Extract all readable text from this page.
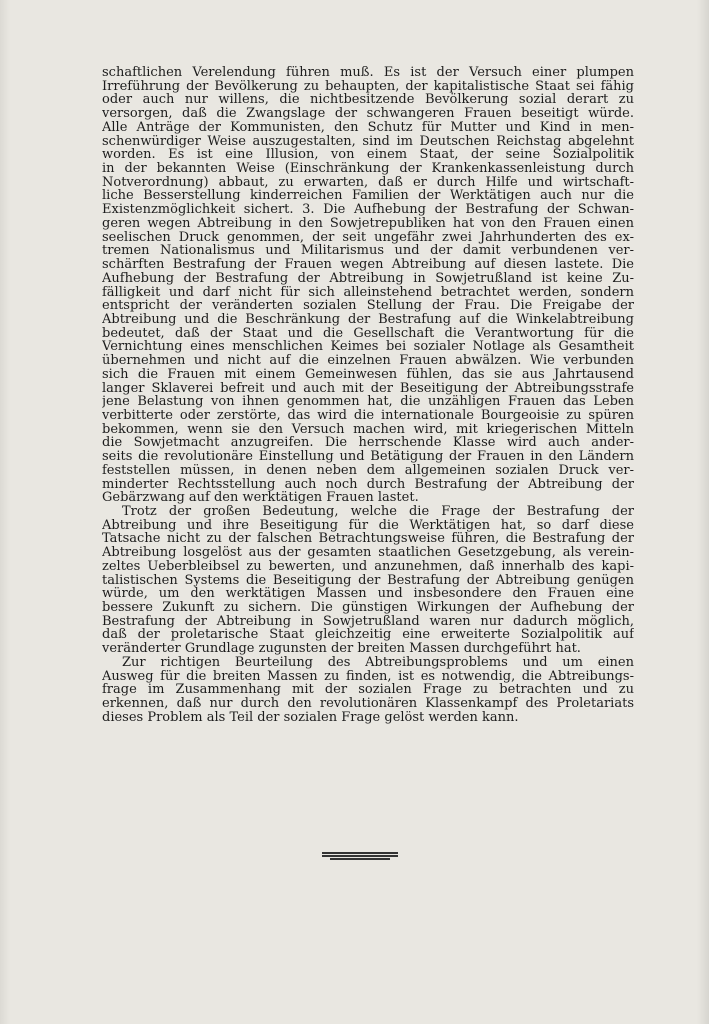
schaftlichen Verelendung führen muß. Es ist der Versuch einer plumpen
Irreführung der Bevölkerung zu behaupten, der kapitalistische Staat sei fähig
oder auch nur willens, die nichtbesitzende Bevölkerung sozial derart zu
versorgen, daß die Zwangslage der schwangeren Frauen beseitigt würde.
Alle Anträge der Kommunisten, den Schutz für Mutter und Kind in men-
schenwürdiger Weise auszugestalten, sind im Deutschen Reichstag abgelehnt
worden. Es ist eine Illusion, von einem Staat, der seine Sozialpolitik
in der bekannten Weise (Einschränkung der Krankenkassenleistung durch
Notverordnung) abbaut, zu erwarten, daß er durch Hilfe und wirtschaft-
liche Besserstellung kinderreichen Familien der Werktätigen auch nur die
Existenzmöglichkeit sichert. 3. Die Aufhebung der Bestrafung der Schwan-
geren wegen Abtreibung in den Sowjetrepubliken hat von den Frauen einen
seelischen Druck genommen, der seit ungefähr zwei Jahrhunderten des ex-
tremen Nationalismus und Militarismus und der damit verbundenen ver-
schärften Bestrafung der Frauen wegen Abtreibung auf diesen lastete. Die
Aufhebung der Bestrafung der Abtreibung in Sowjetrußland ist keine Zu-
fälligkeit und darf nicht für sich alleinstehend betrachtet werden, sondern
entspricht der veränderten sozialen Stellung der Frau. Die Freigabe der
Abtreibung und die Beschränkung der Bestrafung auf die Winkelabtreibung
bedeutet, daß der Staat und die Gesellschaft die Verantwortung für die
Vernichtung eines menschlichen Keimes bei sozialer Notlage als Gesamtheit
übernehmen und nicht auf die einzelnen Frauen abwälzen. Wie verbunden
sich die Frauen mit einem Gemeinwesen fühlen, das sie aus Jahrtausend
langer Sklaverei befreit und auch mit der Beseitigung der Abtreibungsstrafe
jene Belastung von ihnen genommen hat, die unzähligen Frauen das Leben
verbitterte oder zerstörte, das wird die internationale Bourgeoisie zu spüren
bekommen, wenn sie den Versuch machen wird, mit kriegerischen Mitteln
die Sowjetmacht anzugreifen. Die herrschende Klasse wird auch ander-
seits die revolutionäre Einstellung und Betätigung der Frauen in den Ländern
feststellen müssen, in denen neben dem allgemeinen sozialen Druck ver-
minderter Rechtsstellung auch noch durch Bestrafung der Abtreibung der
Gebärzwang auf den werktätigen Frauen lastet.
Trotz der großen Bedeutung, welche die Frage der Bestrafung der
Abtreibung und ihre Beseitigung für die Werktätigen hat, so darf diese
Tatsache nicht zu der falschen Betrachtungsweise führen, die Bestrafung der
Abtreibung losgelöst aus der gesamten staatlichen Gesetzgebung, als verein-
zeltes Ueberbleibsel zu bewerten, und anzunehmen, daß innerhalb des kapi-
talistischen Systems die Beseitigung der Bestrafung der Abtreibung genügen
würde, um den werktätigen Massen und insbesondere den Frauen eine
bessere Zukunft zu sichern. Die günstigen Wirkungen der Aufhebung der
Bestrafung der Abtreibung in Sowjetrußland waren nur dadurch möglich,
daß der proletarische Staat gleichzeitig eine erweiterte Sozialpolitik auf
veränderter Grundlage zugunsten der breiten Massen durchgeführt hat.
Zur richtigen Beurteilung des Abtreibungsproblems und um einen
Ausweg für die breiten Massen zu finden, ist es notwendig, die Abtreibungs-
frage im Zusammenhang mit der sozialen Frage zu betrachten und zu
erkennen, daß nur durch den revolutionären Klassenkampf des Proletariats
dieses Problem als Teil der sozialen Frage gelöst werden kann.
